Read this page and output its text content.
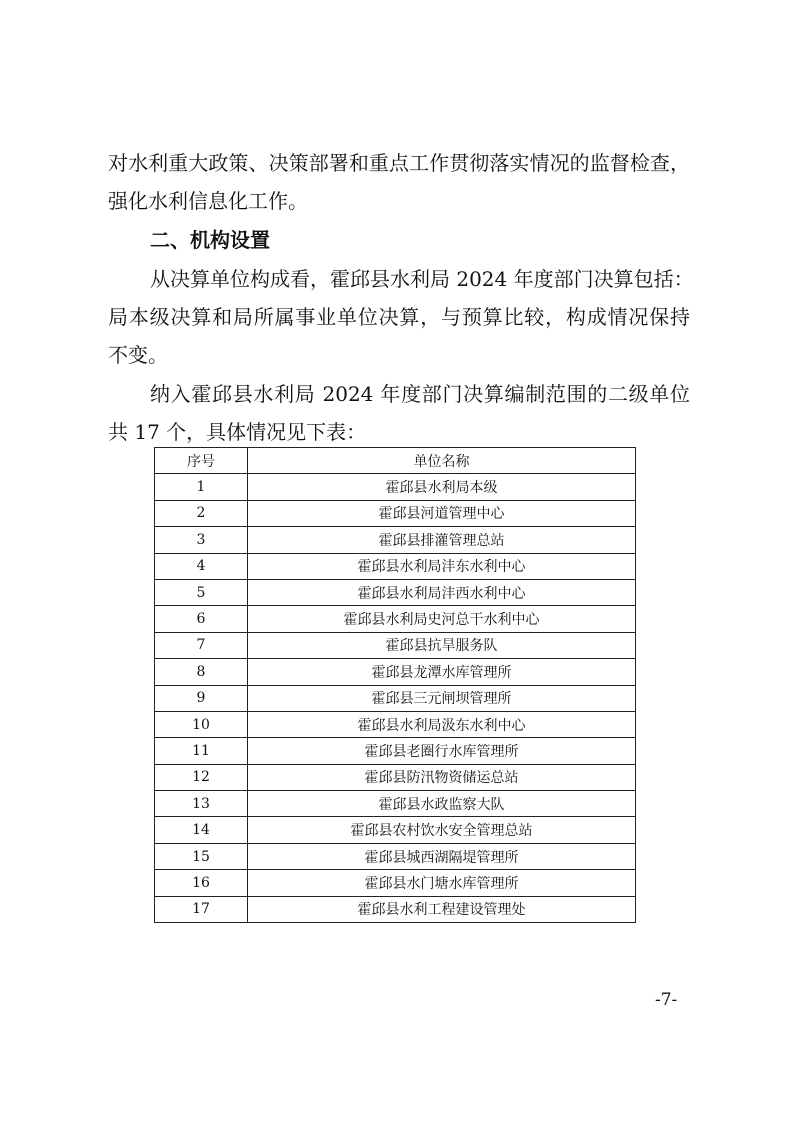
对水利重大政策、决策部署和重点工作贯彻落实情况的监督检查，
强化水利信息化工作。
二、机构设置
从决算单位构成看，霍邱县水利局 2024 年度部门决算包括：
局本级决算和局所属事业单位决算，与预算比较，构成情况保持
不变。
纳入霍邱县水利局 2024 年度部门决算编制范围的二级单位
共 17 个，具体情况见下表：
序号	单位名称
1	霍邱县水利局本级
2	霍邱县河道管理中心
3	霍邱县排灌管理总站
4	霍邱县水利局沣东水利中心
5	霍邱县水利局沣西水利中心
6	霍邱县水利局史河总干水利中心
7	霍邱县抗旱服务队
8	霍邱县龙潭水库管理所
9	霍邱县三元闸坝管理所
10	霍邱县水利局汲东水利中心
11	霍邱县老圈行水库管理所
12	霍邱县防汛物资储运总站
13	霍邱县水政监察大队
14	霍邱县农村饮水安全管理总站
15	霍邱县城西湖隔堤管理所
16	霍邱县水门塘水库管理所
17	霍邱县水利工程建设管理处
-7-
